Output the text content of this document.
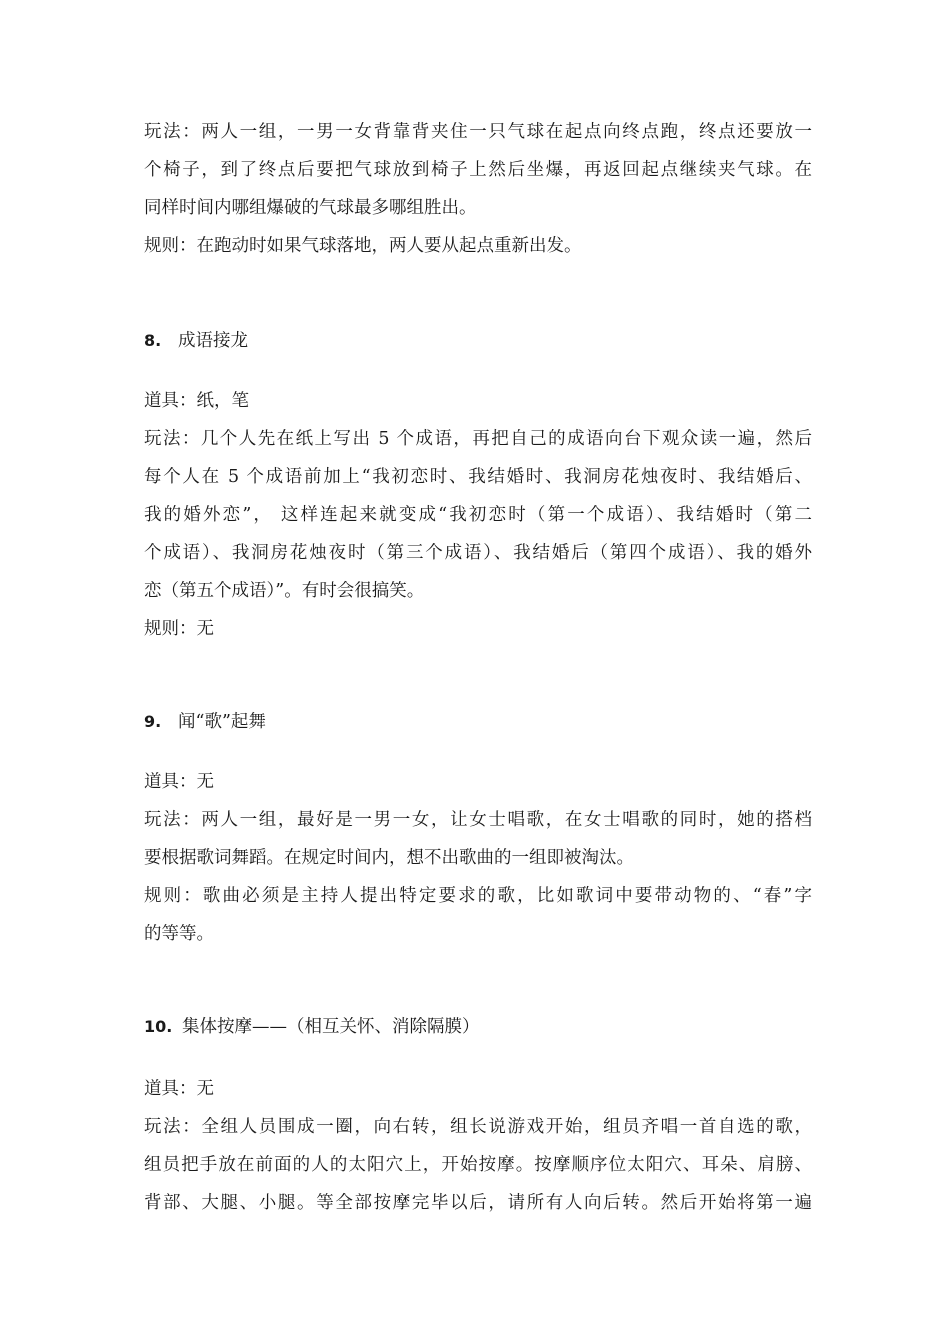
玩法：两人一组，一男一女背靠背夹住一只气球在起点向终点跑，终点还要放一
个椅子，到了终点后要把气球放到椅子上然后坐爆，再返回起点继续夹气球。在
同样时间内哪组爆破的气球最多哪组胜出。
规则：在跑动时如果气球落地，两人要从起点重新出发。
8. 成语接龙
道具：纸，笔
玩法：几个人先在纸上写出 5 个成语，再把自己的成语向台下观众读一遍，然后
每个人在 5 个成语前加上“我初恋时、我结婚时、我洞房花烛夜时、我结婚后、
我的婚外恋”， 这样连起来就变成“我初恋时（第一个成语）、我结婚时（第二
个成语）、我洞房花烛夜时（第三个成语）、我结婚后（第四个成语）、我的婚外
恋（第五个成语）”。有时会很搞笑。
规则：无
9. 闻“歌”起舞
道具：无
玩法：两人一组，最好是一男一女，让女士唱歌，在女士唱歌的同时，她的搭档
要根据歌词舞蹈。在规定时间内，想不出歌曲的一组即被淘汰。
规则：歌曲必须是主持人提出特定要求的歌，比如歌词中要带动物的、“春”字
的等等。
10. 集体按摩——（相互关怀、消除隔膜）
道具：无
玩法：全组人员围成一圈，向右转，组长说游戏开始，组员齐唱一首自选的歌，
组员把手放在前面的人的太阳穴上，开始按摩。按摩顺序位太阳穴、耳朵、肩膀、
背部、大腿、小腿。等全部按摩完毕以后，请所有人向后转。然后开始将第一遍
